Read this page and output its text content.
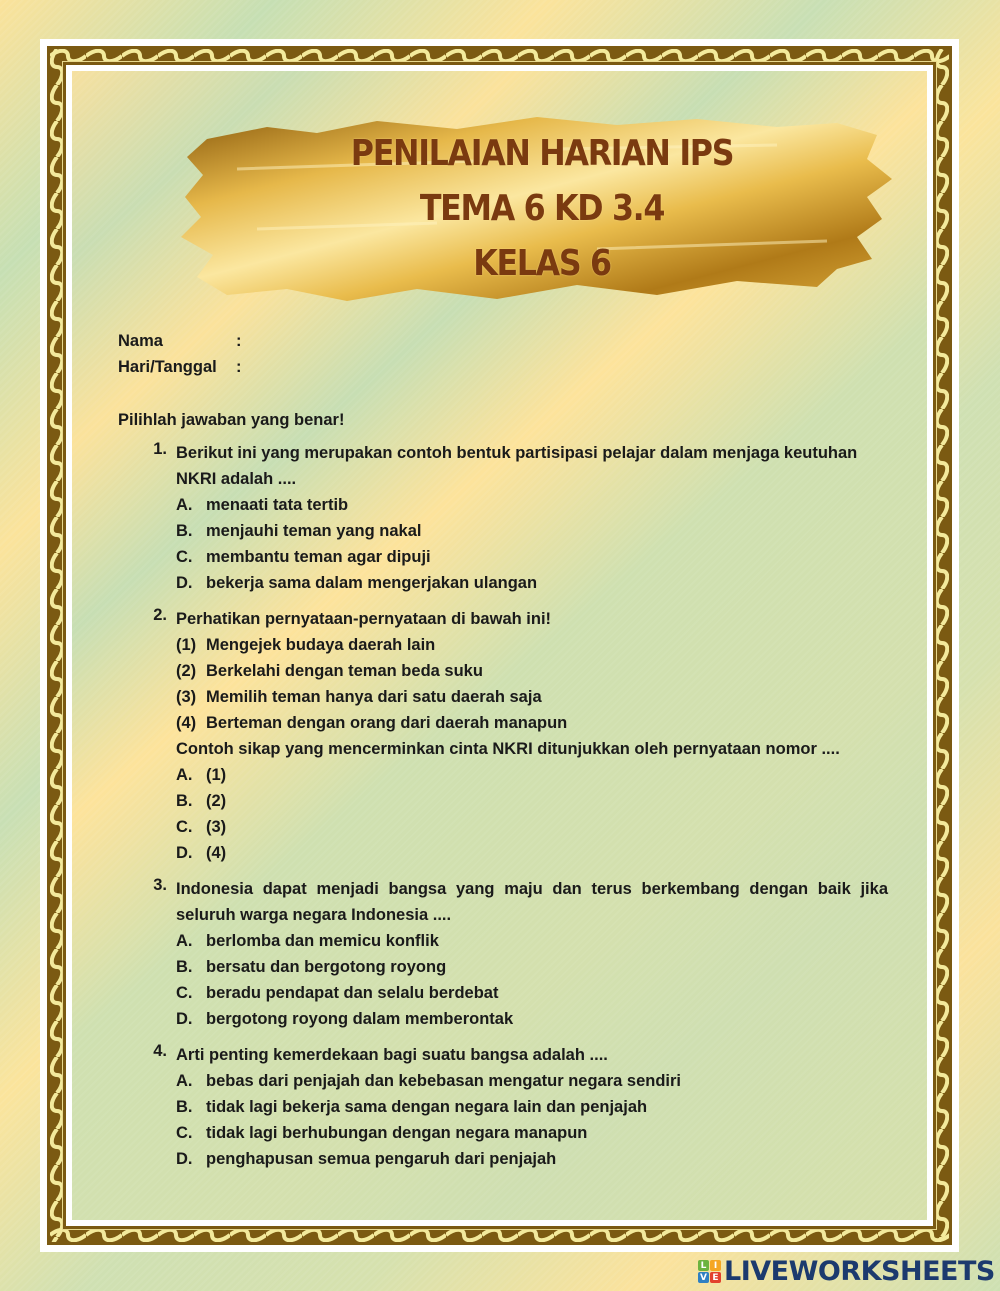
PENILAIAN HARIAN IPS
TEMA 6 KD 3.4
KELAS 6
Nama	:
Hari/Tanggal	:
Pilihlah jawaban yang benar!
1. Berikut ini yang merupakan contoh bentuk partisipasi pelajar dalam menjaga keutuhan NKRI adalah ....
A. menaati tata tertib
B. menjauhi teman yang nakal
C. membantu teman agar dipuji
D. bekerja sama dalam mengerjakan ulangan
2. Perhatikan pernyataan-pernyataan di bawah ini!
(1) Mengejek budaya daerah lain
(2) Berkelahi dengan teman beda suku
(3) Memilih teman hanya dari satu daerah saja
(4) Berteman dengan orang dari daerah manapun
Contoh sikap yang mencerminkan cinta NKRI ditunjukkan oleh pernyataan nomor ....
A. (1)
B. (2)
C. (3)
D. (4)
3. Indonesia dapat menjadi bangsa yang maju dan terus berkembang dengan baik jika seluruh warga negara Indonesia ....
A. berlomba dan memicu konflik
B. bersatu dan bergotong royong
C. beradu pendapat dan selalu berdebat
D. bergotong royong dalam memberontak
4. Arti penting kemerdekaan bagi suatu bangsa adalah ....
A. bebas dari penjajah dan kebebasan mengatur negara sendiri
B. tidak lagi bekerja sama dengan negara lain dan penjajah
C. tidak lagi berhubungan dengan negara manapun
D. penghapusan semua pengaruh dari penjajah
L I
V E LIVEWORKSHEETS
